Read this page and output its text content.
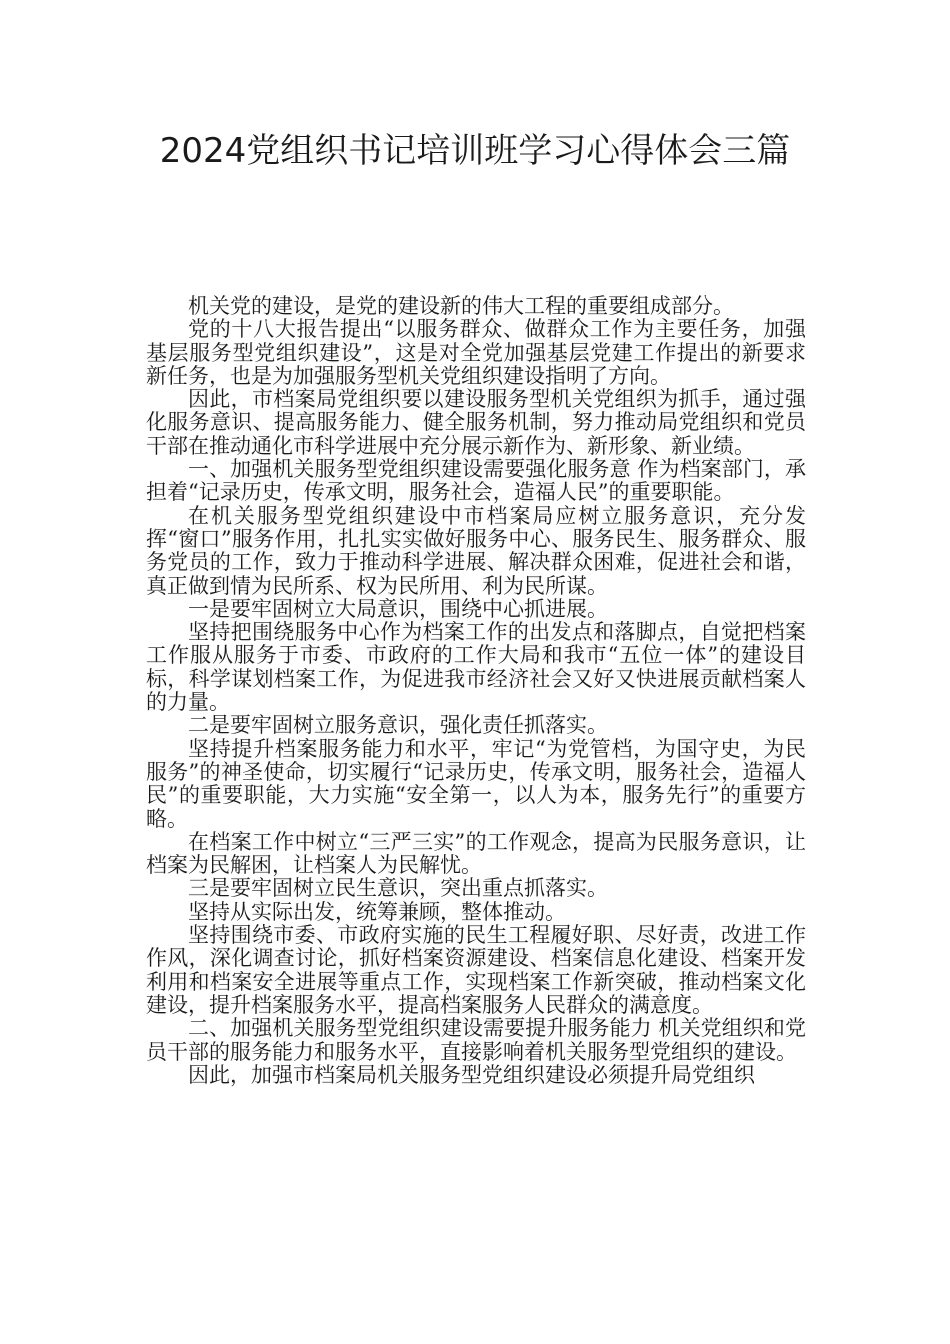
2024党组织书记培训班学习心得体会三篇

机关党的建设，是党的建设新的伟大工程的重要组成部分。

党的十八大报告提出“以服务群众、做群众工作为主要任务，加强基层服务型党组织建设”，这是对全党加强基层党建工作提出的新要求新任务，也是为加强服务型机关党组织建设指明了方向。

因此，市档案局党组织要以建设服务型机关党组织为抓手，通过强化服务意识、提高服务能力、健全服务机制，努力推动局党组织和党员干部在推动通化市科学进展中充分展示新作为、新形象、新业绩。

一、加强机关服务型党组织建设需要强化服务意 作为档案部门，承担着“记录历史，传承文明，服务社会，造福人民”的重要职能。

在机关服务型党组织建设中市档案局应树立服务意识，充分发挥“窗口”服务作用，扎扎实实做好服务中心、服务民生、服务群众、服务党员的工作，致力于推动科学进展、解决群众困难，促进社会和谐，真正做到情为民所系、权为民所用、利为民所谋。

一是要牢固树立大局意识，围绕中心抓进展。

坚持把围绕服务中心作为档案工作的出发点和落脚点，自觉把档案工作服从服务于市委、市政府的工作大局和我市“五位一体”的建设目标，科学谋划档案工作，为促进我市经济社会又好又快进展贡献档案人的力量。

二是要牢固树立服务意识，强化责任抓落实。

坚持提升档案服务能力和水平，牢记“为党管档，为国守史，为民服务”的神圣使命，切实履行“记录历史，传承文明，服务社会，造福人民”的重要职能，大力实施“安全第一，以人为本，服务先行”的重要方略。

在档案工作中树立“三严三实”的工作观念，提高为民服务意识，让档案为民解困，让档案人为民解忧。

三是要牢固树立民生意识，突出重点抓落实。

坚持从实际出发，统筹兼顾，整体推动。

坚持围绕市委、市政府实施的民生工程履好职、尽好责，改进工作作风，深化调查讨论，抓好档案资源建设、档案信息化建设、档案开发利用和档案安全进展等重点工作，实现档案工作新突破，推动档案文化建设，提升档案服务水平，提高档案服务人民群众的满意度。

二、加强机关服务型党组织建设需要提升服务能力 机关党组织和党员干部的服务能力和服务水平，直接影响着机关服务型党组织的建设。

因此，加强市档案局机关服务型党组织建设必须提升局党组织
